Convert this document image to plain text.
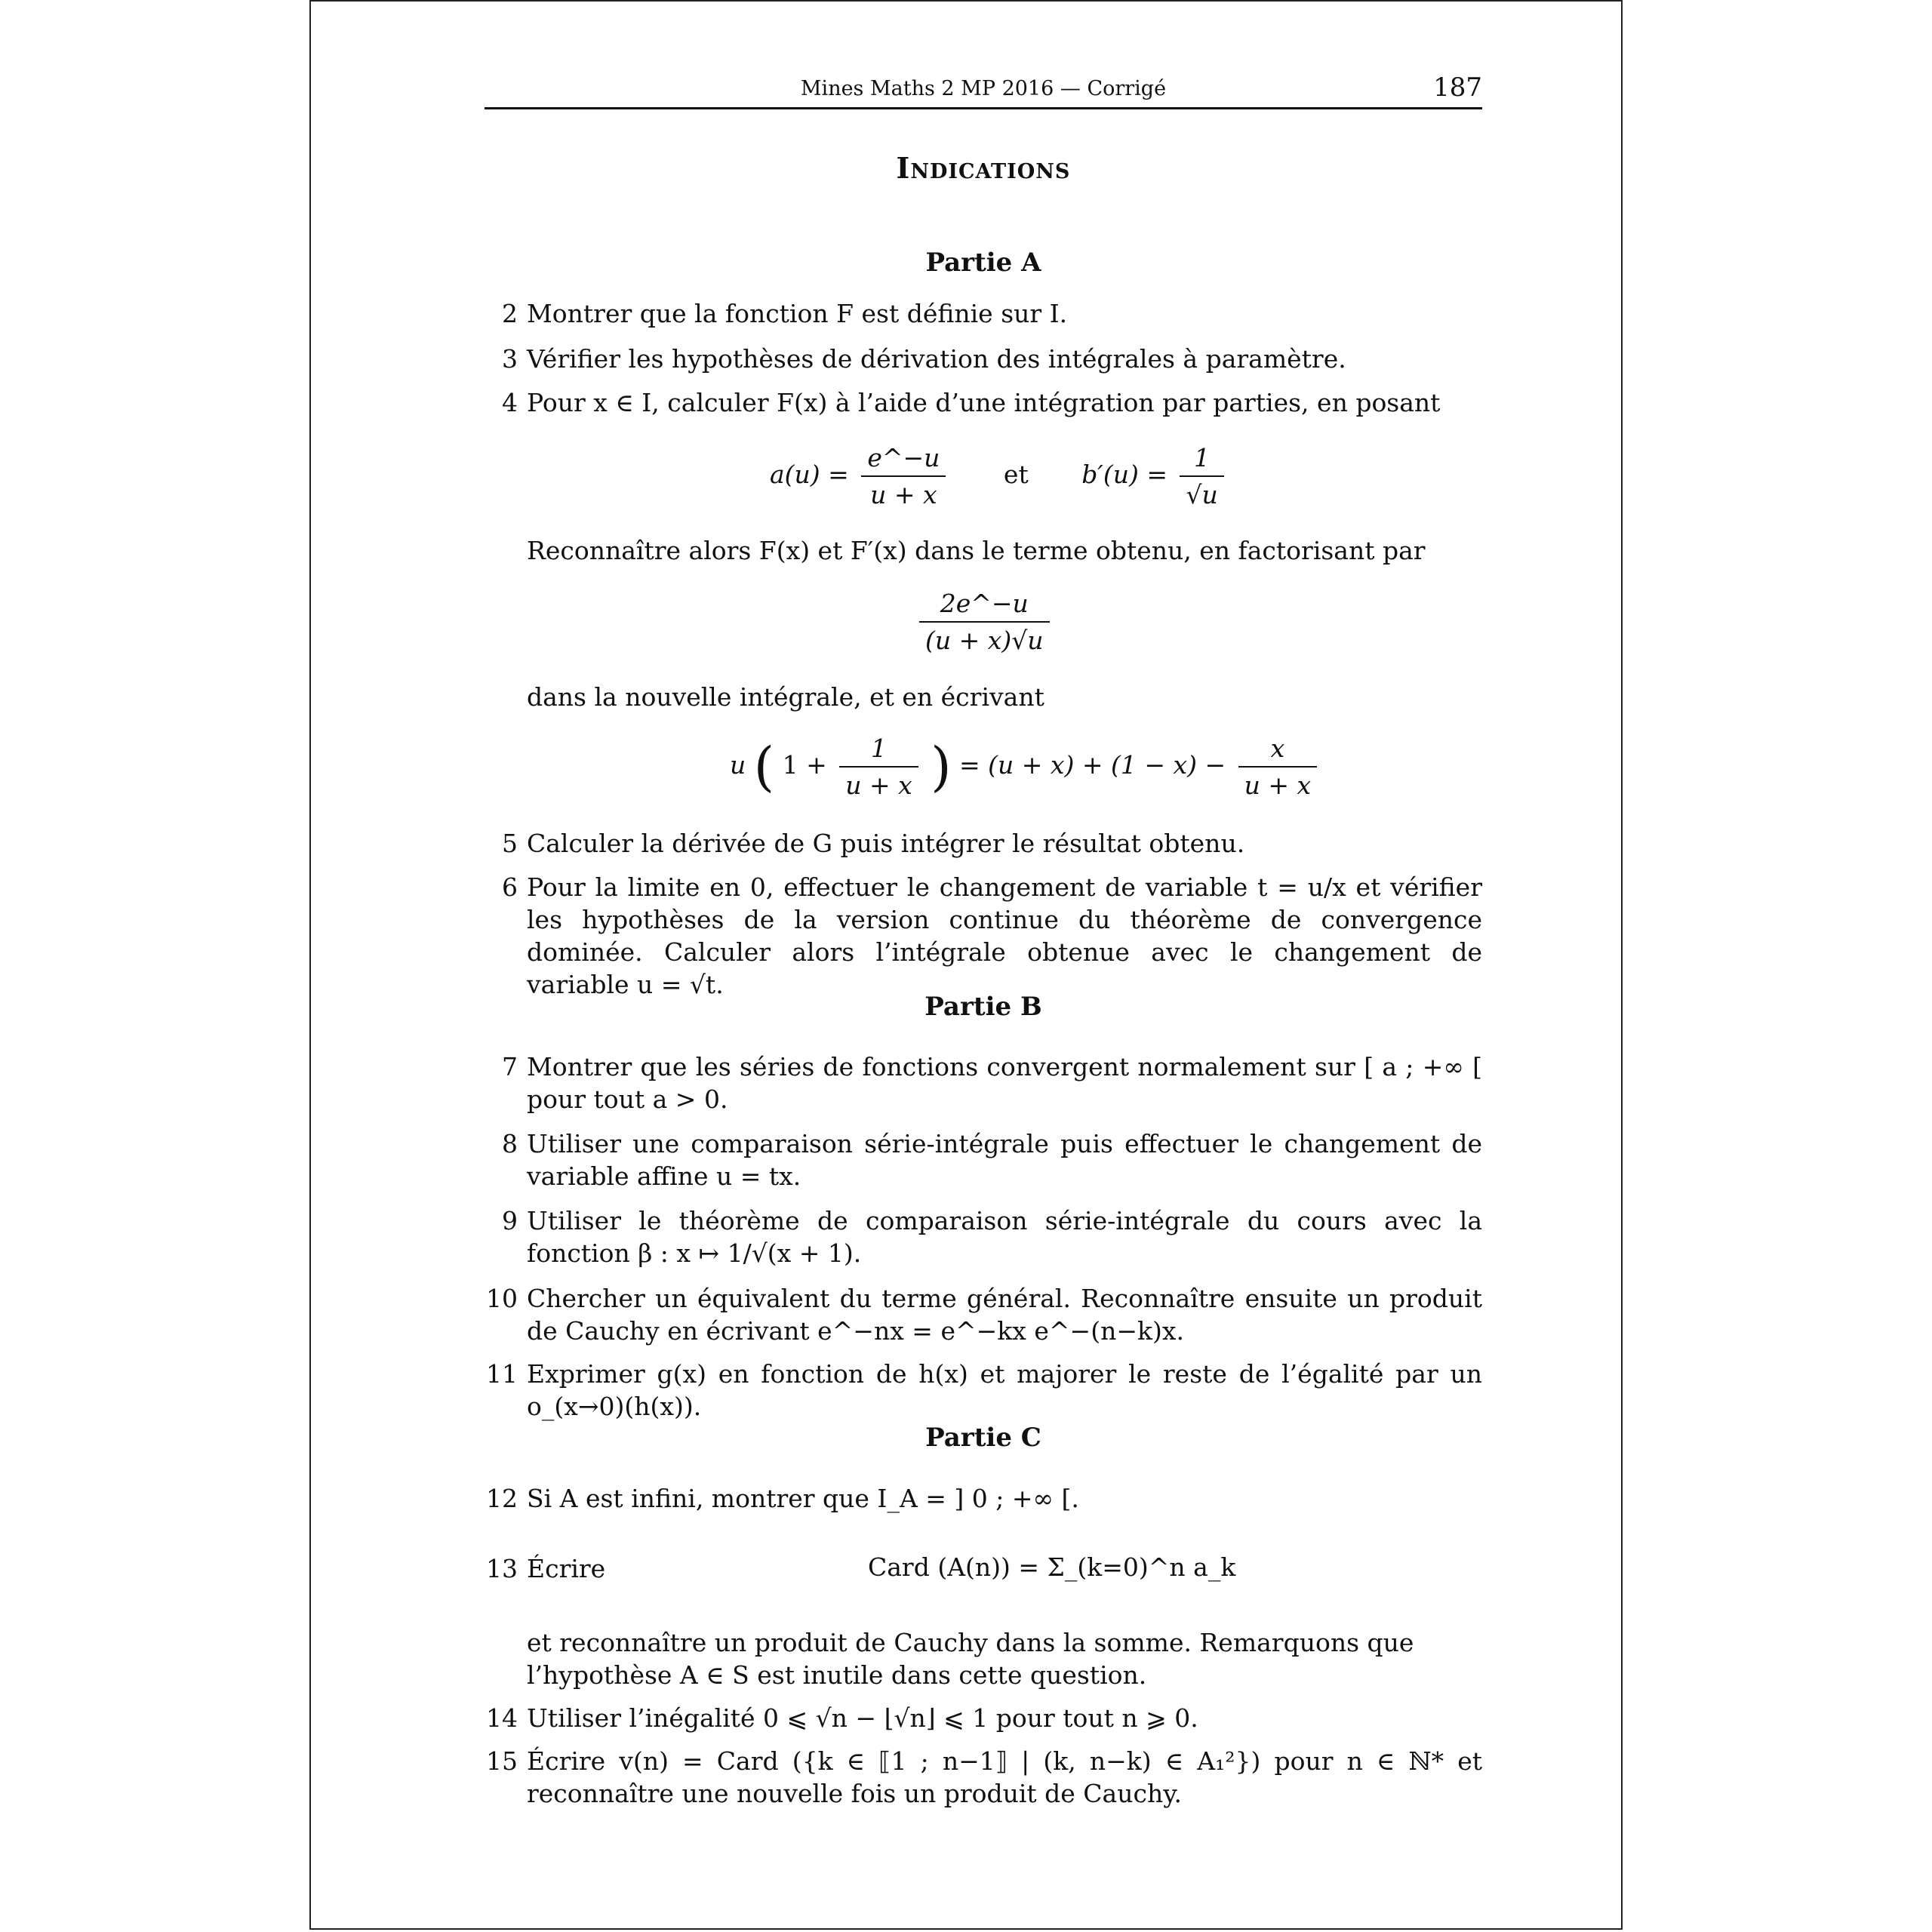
Mines Maths 2 MP 2016 — Corrigé	187
Indications
Partie A
2 Montrer que la fonction F est définie sur I.
3 Vérifier les hypothèses de dérivation des intégrales à paramètre.
4 Pour x ∈ I, calculer F(x) à l’aide d’une intégration par parties, en posant
$a(u) = \frac{e\^{}-u}{u + x}$ et $b'(u) = \frac{1}{√u}$
Reconnaître alors F(x) et F′(x) dans le terme obtenu, en factorisant par
$\frac{2e\^{}-u}{(u + x)√u}$
dans la nouvelle intégrale, et en écrivant
u ( $1 + \frac{1}{u + x}$ ) = $(u + x) + (1 - x) - \frac{x}{u + x}$
5 Calculer la dérivée de G puis intégrer le résultat obtenu.
6 Pour la limite en 0, effectuer le changement de variable t = u/x et vérifier les hypothèses de la version continue du théorème de convergence dominée. Calculer alors l’intégrale obtenue avec le changement de variable u = √t.
Partie B
7 Montrer que les séries de fonctions convergent normalement sur [ a ; +∞ [ pour tout a > 0.
8 Utiliser une comparaison série-intégrale puis effectuer le changement de variable affine u = tx.
9 Utiliser le théorème de comparaison série-intégrale du cours avec la fonction β : x ↦ 1/√(x + 1).
10 Chercher un équivalent du terme général. Reconnaître ensuite un produit de Cauchy en écrivant e^−nx = e^−kx e^−(n−k)x.
11 Exprimer g(x) en fonction de h(x) et majorer le reste de l’égalité par un o_(x→0)(h(x)).
Partie C
12 Si A est infini, montrer que I_A = ] 0 ; +∞ [.
13 Écrire	Card (A(n)) = Σ_(k=0)^n a_k
et reconnaître un produit de Cauchy dans la somme. Remarquons que l’hypothèse A ∈ S est inutile dans cette question.
14 Utiliser l’inégalité 0 ⩽ √n − ⌊√n⌋ ⩽ 1 pour tout n ⩾ 0.
15 Écrire v(n) = Card ({k ∈ ⟦1 ; n−1⟧ | (k, n−k) ∈ A₁²}) pour n ∈ ℕ* et reconnaître une nouvelle fois un produit de Cauchy.
